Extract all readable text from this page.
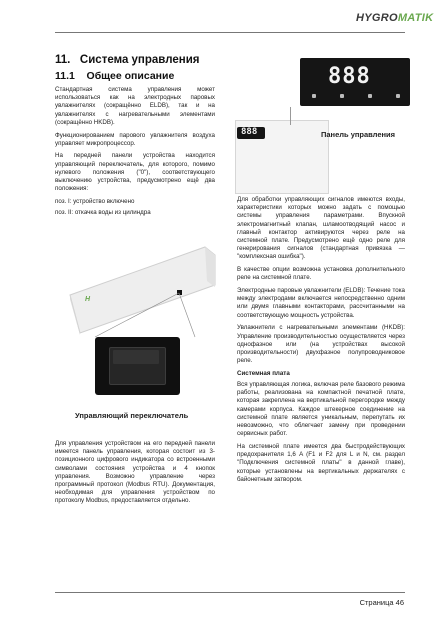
HYGROMATIK
11.   Система управления
11.1    Общее описание

Стандартная система управления может использоваться как на электродных паровых увлажнителях (сокращённо ELDB), так и на увлажнителях с нагревательными элементами (сокращённо HKDB).

Функционированием парового увлажнителя воздуха управляет микропроцессор.

На передней панели устройства находится управляющий переключатель, для которого, помимо нулевого положения ("0"), соответствующего выключению устройства, предусмотрено ещё два положения:

поз. I: устройство включено

поз. II: откачка воды из цилиндра

H
Управляющий переключатель

Для управления устройством на его передней панели имеется панель управления, которая состоит из 3-позиционного цифрового индикатора со встроенными символами состояния устройства и 4 кнопок управления. Возможно управление через программный протокол (Modbus RTU). Документация, необходимая для управления устройством по протоколу Modbus, предоставляется отдельно.

888
888
Панель управления

Для обработки управляющих сигналов имеются входы, характеристики которых можно задать с помощью системы управления параметрами. Впускной электромагнитный клапан, шламоотводящий насос и главный контактор активируются через реле на системной плате. Предусмотрено ещё одно реле для генерирования сигналов (стандартная привязка — "комплексная ошибка").

В качестве опции возможна установка дополнительного реле на системной плате.

Электродные паровые увлажнители (ELDB): Течение тока между электродами включается непосредственно одним или двумя главными контакторами, рассчитанными на соответствующую мощность устройства.

Увлажнители с нагревательными элементами (HKDB): Управление производительностью осуществляется через однофазное или (на устройствах высокой производительности) двухфазное полупроводниковое реле.

Системная плата

Вся управляющая логика, включая реле базового режима работы, реализована на компактной печатной плате, которая закреплена на вертикальной перегородке между камерами корпуса. Каждое штекерное соединение на системной плате является уникальным, перепутать их невозможно, что облегчает замену при проведении сервисных работ.

На системной плате имеется два быстродействующих предохранителя 1,6 A (F1 и F2 для L и N, см. раздел "Подключения системной платы" в данной главе), которые установлены на вертикальных держателях с байонетным затвором.

Страница 46
